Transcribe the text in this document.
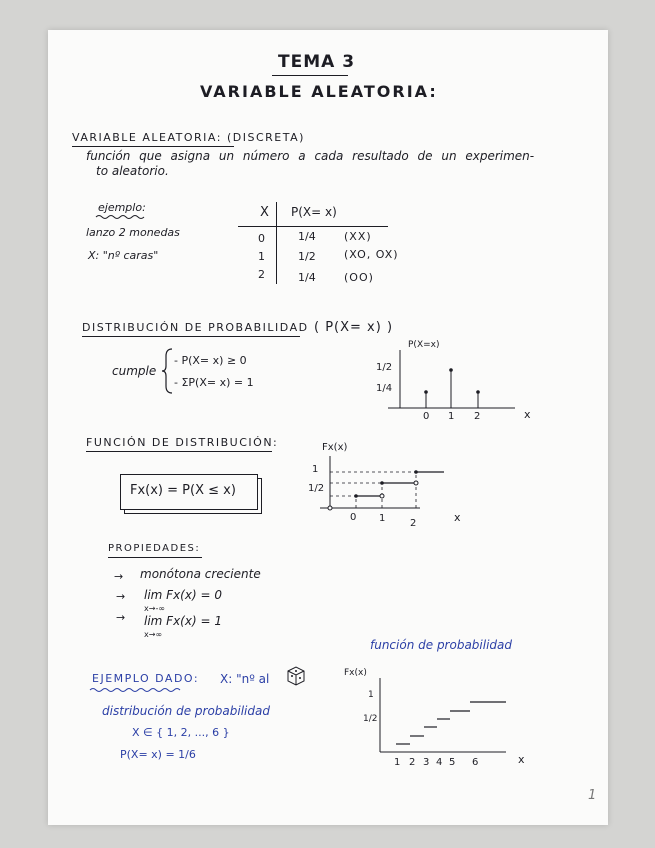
TEMA 3
VARIABLE ALEATORIA:
VARIABLE ALEATORIA: (DISCRETA)
función que asigna un número a cada resultado de un experimen-
to aleatorio.
ejemplo:
lanzo 2 monedas
X: "nº caras"
X P(X= x)
0	1/4	(XX)
1	1/2	(XO, OX)
2	1/4	(OO)
DISTRIBUCIÓN DE PROBABILIDAD ( P(X= x) )
cumple
- P(X= x) ≥ 0
- ΣP(X= x) = 1
P(X=x)
1/2
1/4
0 1 2	x
FUNCIÓN DE DISTRIBUCIÓN:
Fx(x) = P(X ≤ x)
Fx(x)
1
1/2
0 1 2	x
PROPIEDADES:
→ monótona creciente
→ lim Fx(x) = 0
x→-∞
→ lim Fx(x) = 1
x→∞
EJEMPLO DADO: X: "nº al
distribución de probabilidad
X ∈ { 1, 2, ..., 6 }
P(X= x) = 1/6
función de probabilidad
Fx(x)
1
1/2
1 2 3 4 5 6	x
1
